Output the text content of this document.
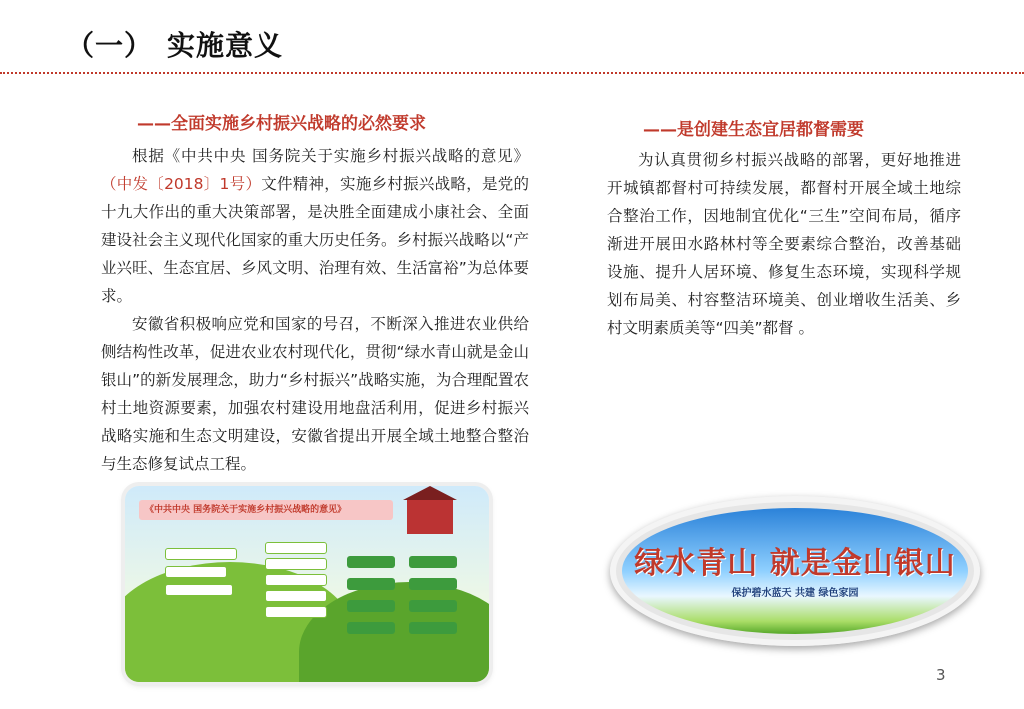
（一） 实施意义
——全面实施乡村振兴战略的必然要求

根据《中共中央 国务院关于实施乡村振兴战略的意见》（中发〔2018〕1号）文件精神，实施乡村振兴战略，是党的十九大作出的重大决策部署，是决胜全面建成小康社会、全面建设社会主义现代化国家的重大历史任务。乡村振兴战略以“产业兴旺、生态宜居、乡风文明、治理有效、生活富裕”为总体要求。

安徽省积极响应党和国家的号召，不断深入推进农业供给侧结构性改革，促进农业农村现代化，贯彻“绿水青山就是金山银山”的新发展理念，助力“乡村振兴”战略实施，为合理配置农村土地资源要素，加强农村建设用地盘活利用，促进乡村振兴战略实施和生态文明建设，安徽省提出开展全域土地整合整治与生态修复试点工程。

——是创建生态宜居都督需要

为认真贯彻乡村振兴战略的部署，更好地推进开城镇都督村可持续发展，都督村开展全域土地综合整治工作，因地制宜优化“三生”空间布局，循序渐进开展田水路林村等全要素综合整治，改善基础设施、提升人居环境、修复生态环境，实现科学规划布局美、村容整洁环境美、创业增收生活美、乡村文明素质美等“四美”都督 。

《中共中央 国务院关于实施乡村振兴战略的意见》
绿水青山 就是金山银山
保护碧水蓝天 共建 绿色家园
3
